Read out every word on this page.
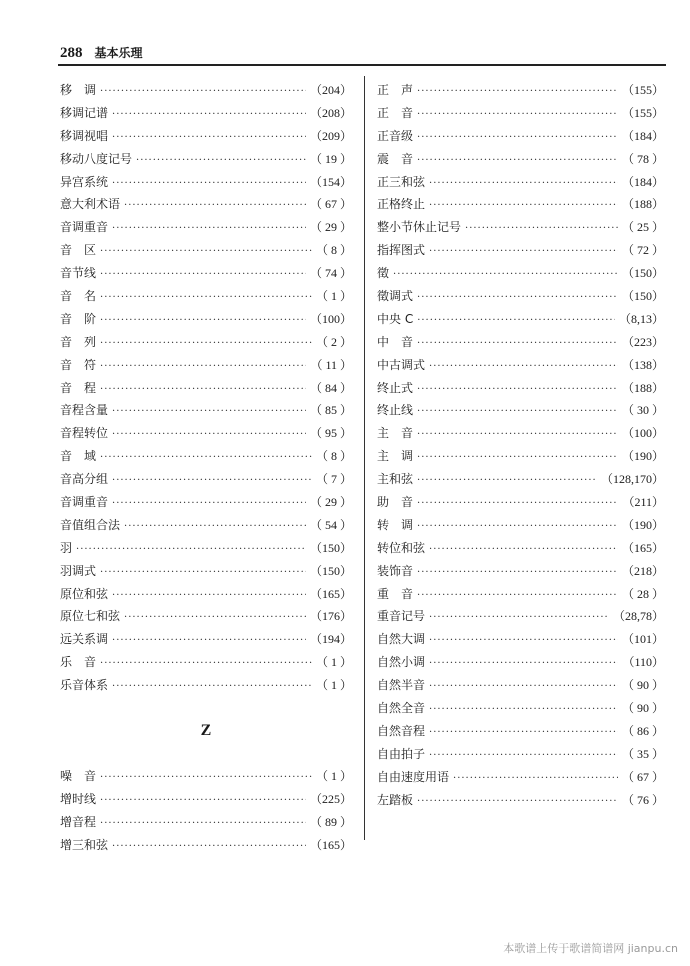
288 基本乐理
移　调 ·····	（204）
移调记谱 ·····	（208）
移调视唱 ·····	（209）
移动八度记号 ·····	（ 19 ）
异宫系统 ·····	（154）
意大利术语 ·····	（ 67 ）
音调重音 ·····	（ 29 ）
音　区 ·····	（ 8 ）
音节线 ·····	（ 74 ）
音　名 ·····	（ 1 ）
音　阶 ·····	（100）
音　列 ·····	（ 2 ）
音　符 ·····	（ 11 ）
音　程 ·····	（ 84 ）
音程含量 ·····	（ 85 ）
音程转位 ·····	（ 95 ）
音　域 ·····	（ 8 ）
音高分组 ·····	（ 7 ）
音调重音 ·····	（ 29 ）
音值组合法 ·····	（ 54 ）
羽 ·····	（150）
羽调式 ·····	（150）
原位和弦 ·····	（165）
原位七和弦 ·····	（176）
远关系调 ·····	（194）
乐　音 ·····	（ 1 ）
乐音体系 ·····	（ 1 ）
Z
噪　音 ·····	（ 1 ）
增时线 ·····	（225）
增音程 ·····	（ 89 ）
增三和弦 ·····	（165）
正　声 ·····	（155）
正　音 ·····	（155）
正音级 ·····	（184）
震　音 ·····	（ 78 ）
正三和弦 ·····	（184）
正格终止 ·····	（188）
整小节休止记号 ·····	（ 25 ）
指挥图式 ·····	（ 72 ）
徵 ·····	（150）
徵调式 ·····	（150）
中央 C ·····	（8,13）
中　音 ·····	（223）
中古调式 ·····	（138）
终止式 ·····	（188）
终止线 ·····	（ 30 ）
主　音 ·····	（100）
主　调 ·····	（190）
主和弦 ·····	（128,170）
助　音 ·····	（211）
转　调 ·····	（190）
转位和弦 ·····	（165）
装饰音 ·····	（218）
重　音 ·····	（ 28 ）
重音记号 ·····	（28,78）
自然大调 ·····	（101）
自然小调 ·····	（110）
自然半音 ·····	（ 90 ）
自然全音 ·····	（ 90 ）
自然音程 ·····	（ 86 ）
自由拍子 ·····	（ 35 ）
自由速度用语 ·····	（ 67 ）
左踏板 ·····	（ 76 ）
本歌谱上传于歌谱简谱网 jianpu.cn
